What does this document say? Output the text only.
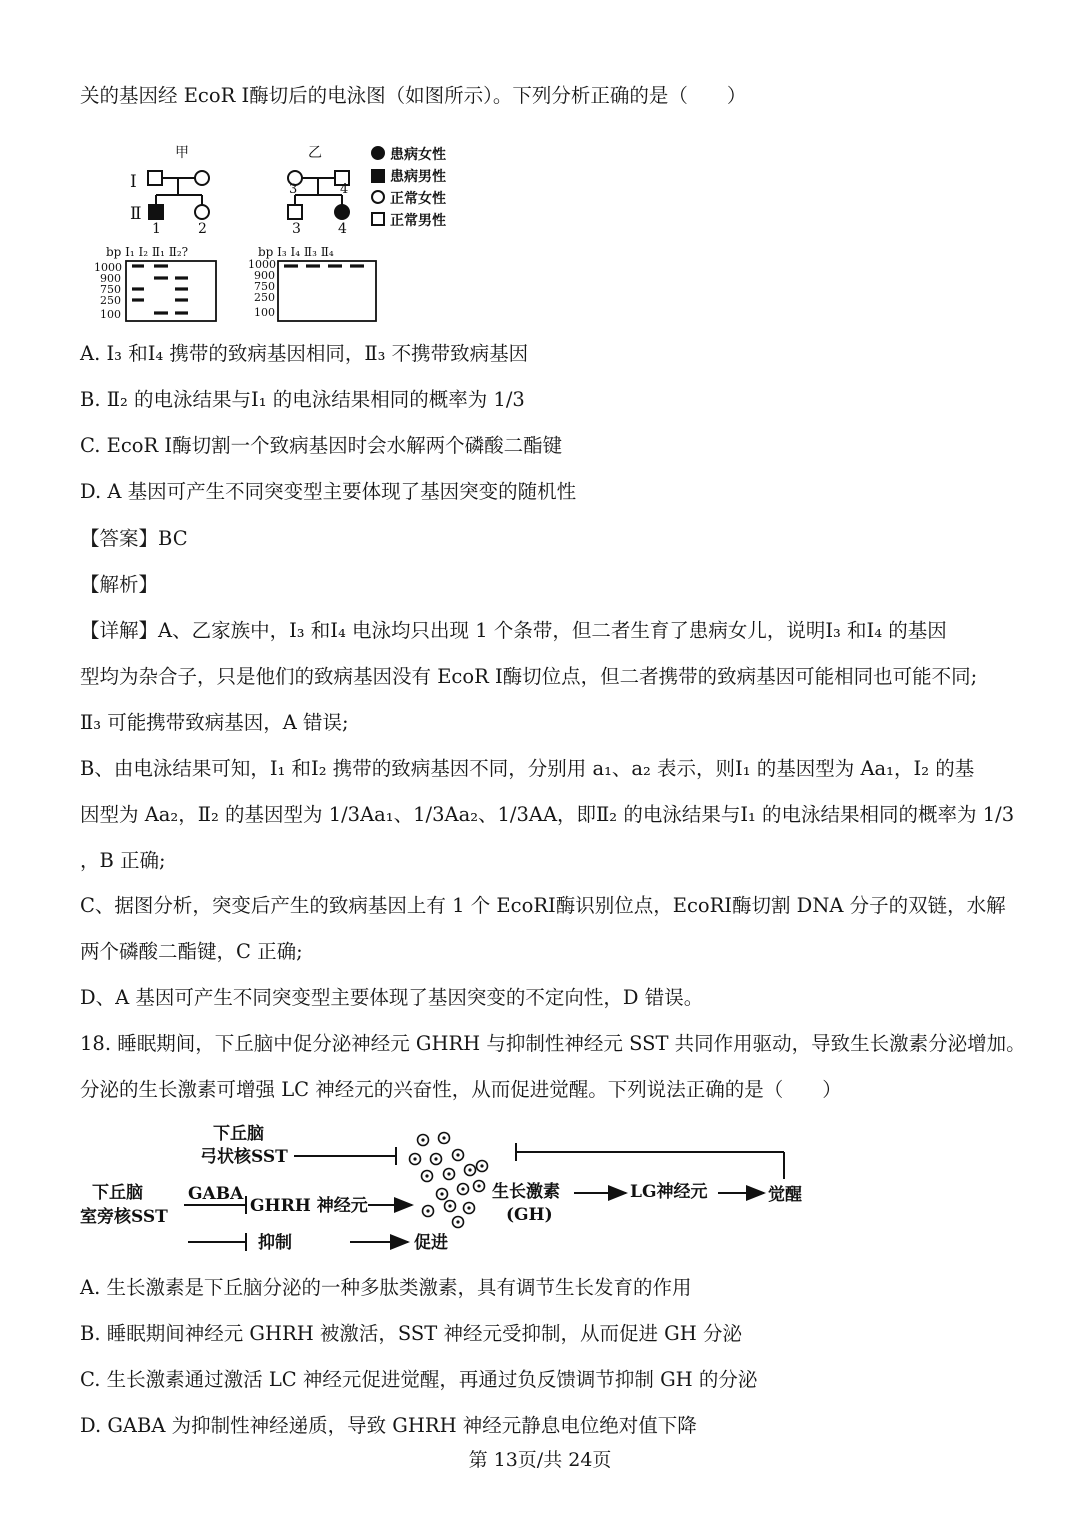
关的基因经 EcoR Ⅰ酶切后的电泳图（如图所示）。下列分析正确的是（　　）
甲
Ⅰ
Ⅱ
1	2
乙
3	4
3	4
患病女性
患病男性
正常女性
正常男性
bp Ⅰ₁ Ⅰ₂ Ⅱ₁ Ⅱ₂?
1000
900
750
250
100
bp Ⅰ₃ Ⅰ₄ Ⅱ₃ Ⅱ₄
1000
900
750
250
100
A. Ⅰ₃ 和Ⅰ₄ 携带的致病基因相同，Ⅱ₃ 不携带致病基因
B. Ⅱ₂ 的电泳结果与Ⅰ₁ 的电泳结果相同的概率为 1/3
C. EcoR Ⅰ酶切割一个致病基因时会水解两个磷酸二酯键
D. A 基因可产生不同突变型主要体现了基因突变的随机性
【答案】BC
【解析】
【详解】A、乙家族中，Ⅰ₃ 和Ⅰ₄ 电泳均只出现 1 个条带，但二者生育了患病女儿，说明Ⅰ₃ 和Ⅰ₄ 的基因
型均为杂合子，只是他们的致病基因没有 EcoR Ⅰ酶切位点，但二者携带的致病基因可能相同也可能不同;
Ⅱ₃ 可能携带致病基因，A 错误;
B、由电泳结果可知，Ⅰ₁ 和Ⅰ₂ 携带的致病基因不同，分别用 a₁、a₂ 表示，则Ⅰ₁ 的基因型为 Aa₁，Ⅰ₂ 的基
因型为 Aa₂，Ⅱ₂ 的基因型为 1/3Aa₁、1/3Aa₂、1/3AA，即Ⅱ₂ 的电泳结果与Ⅰ₁ 的电泳结果相同的概率为 1/3
，B 正确;
C、据图分析，突变后产生的致病基因上有 1 个 EcoRⅠ酶识别位点，EcoRⅠ酶切割 DNA 分子的双链，水解
两个磷酸二酯键，C 正确;
D、A 基因可产生不同突变型主要体现了基因突变的不定向性，D 错误。
18. 睡眠期间，下丘脑中促分泌神经元 GHRH 与抑制性神经元 SST 共同作用驱动，导致生长激素分泌增加。
分泌的生长激素可增强 LC 神经元的兴奋性，从而促进觉醒。下列说法正确的是（　　）
下丘脑
弓状核SST
下丘脑
室旁核SST
GABA
GHRH 神经元
生长激素
(GH)
LG神经元	觉醒
抑制	促进
A. 生长激素是下丘脑分泌的一种多肽类激素，具有调节生长发育的作用
B. 睡眠期间神经元 GHRH 被激活，SST 神经元受抑制，从而促进 GH 分泌
C. 生长激素通过激活 LC 神经元促进觉醒，再通过负反馈调节抑制 GH 的分泌
D. GABA 为抑制性神经递质，导致 GHRH 神经元静息电位绝对值下降
第 13页/共 24页
